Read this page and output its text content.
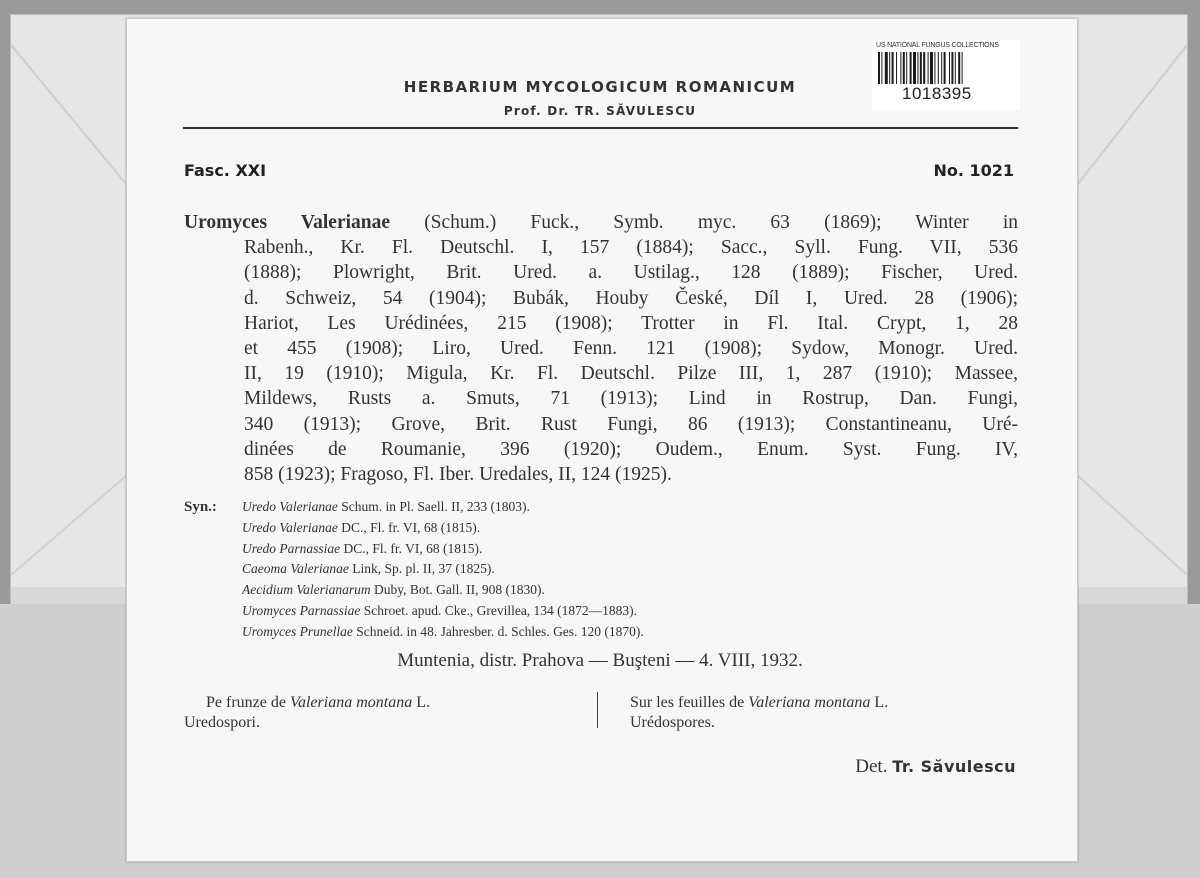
US NATIONAL FUNGUS COLLECTIONS
1018395
HERBARIUM MYCOLOGICUM ROMANICUM
Prof. Dr. TR. SĂVULESCU
Fasc. XXI	No. 1021
Uromyces Valerianae (Schum.) Fuck., Symb. myc. 63 (1869); Winter in
Rabenh., Kr. Fl. Deutschl. I, 157 (1884); Sacc., Syll. Fung. VII, 536
(1888); Plowright, Brit. Ured. a. Ustilag., 128 (1889); Fischer, Ured.
d. Schweiz, 54 (1904); Bubák, Houby České, Díl I, Ured. 28 (1906);
Hariot, Les Urédinées, 215 (1908); Trotter in Fl. Ital. Crypt, 1, 28
et 455 (1908); Liro, Ured. Fenn. 121 (1908); Sydow, Monogr. Ured.
II, 19 (1910); Migula, Kr. Fl. Deutschl. Pilze III, 1, 287 (1910); Massee,
Mildews, Rusts a. Smuts, 71 (1913); Lind in Rostrup, Dan. Fungi,
340 (1913); Grove, Brit. Rust Fungi, 86 (1913); Constantineanu, Uré-
dinées de Roumanie, 396 (1920); Oudem., Enum. Syst. Fung. IV,
858 (1923); Fragoso, Fl. Iber. Uredales, II, 124 (1925).
Syn.: Uredo Valerianae Schum. in Pl. Saell. II, 233 (1803).
Uredo Valerianae DC., Fl. fr. VI, 68 (1815).
Uredo Parnassiae DC., Fl. fr. VI, 68 (1815).
Caeoma Valerianae Link, Sp. pl. II, 37 (1825).
Aecidium Valerianarum Duby, Bot. Gall. II, 908 (1830).
Uromyces Parnassiae Schroet. apud. Cke., Grevillea, 134 (1872—1883).
Uromyces Prunellae Schneid. in 48. Jahresber. d. Schles. Ges. 120 (1870).
Muntenia, distr. Prahova — Buşteni — 4. VIII, 1932.
Pe frunze de Valeriana montana L.
Uredospori.
Sur les feuilles de Valeriana montana L.
Urédospores.
Det. Tr. Săvulescu
